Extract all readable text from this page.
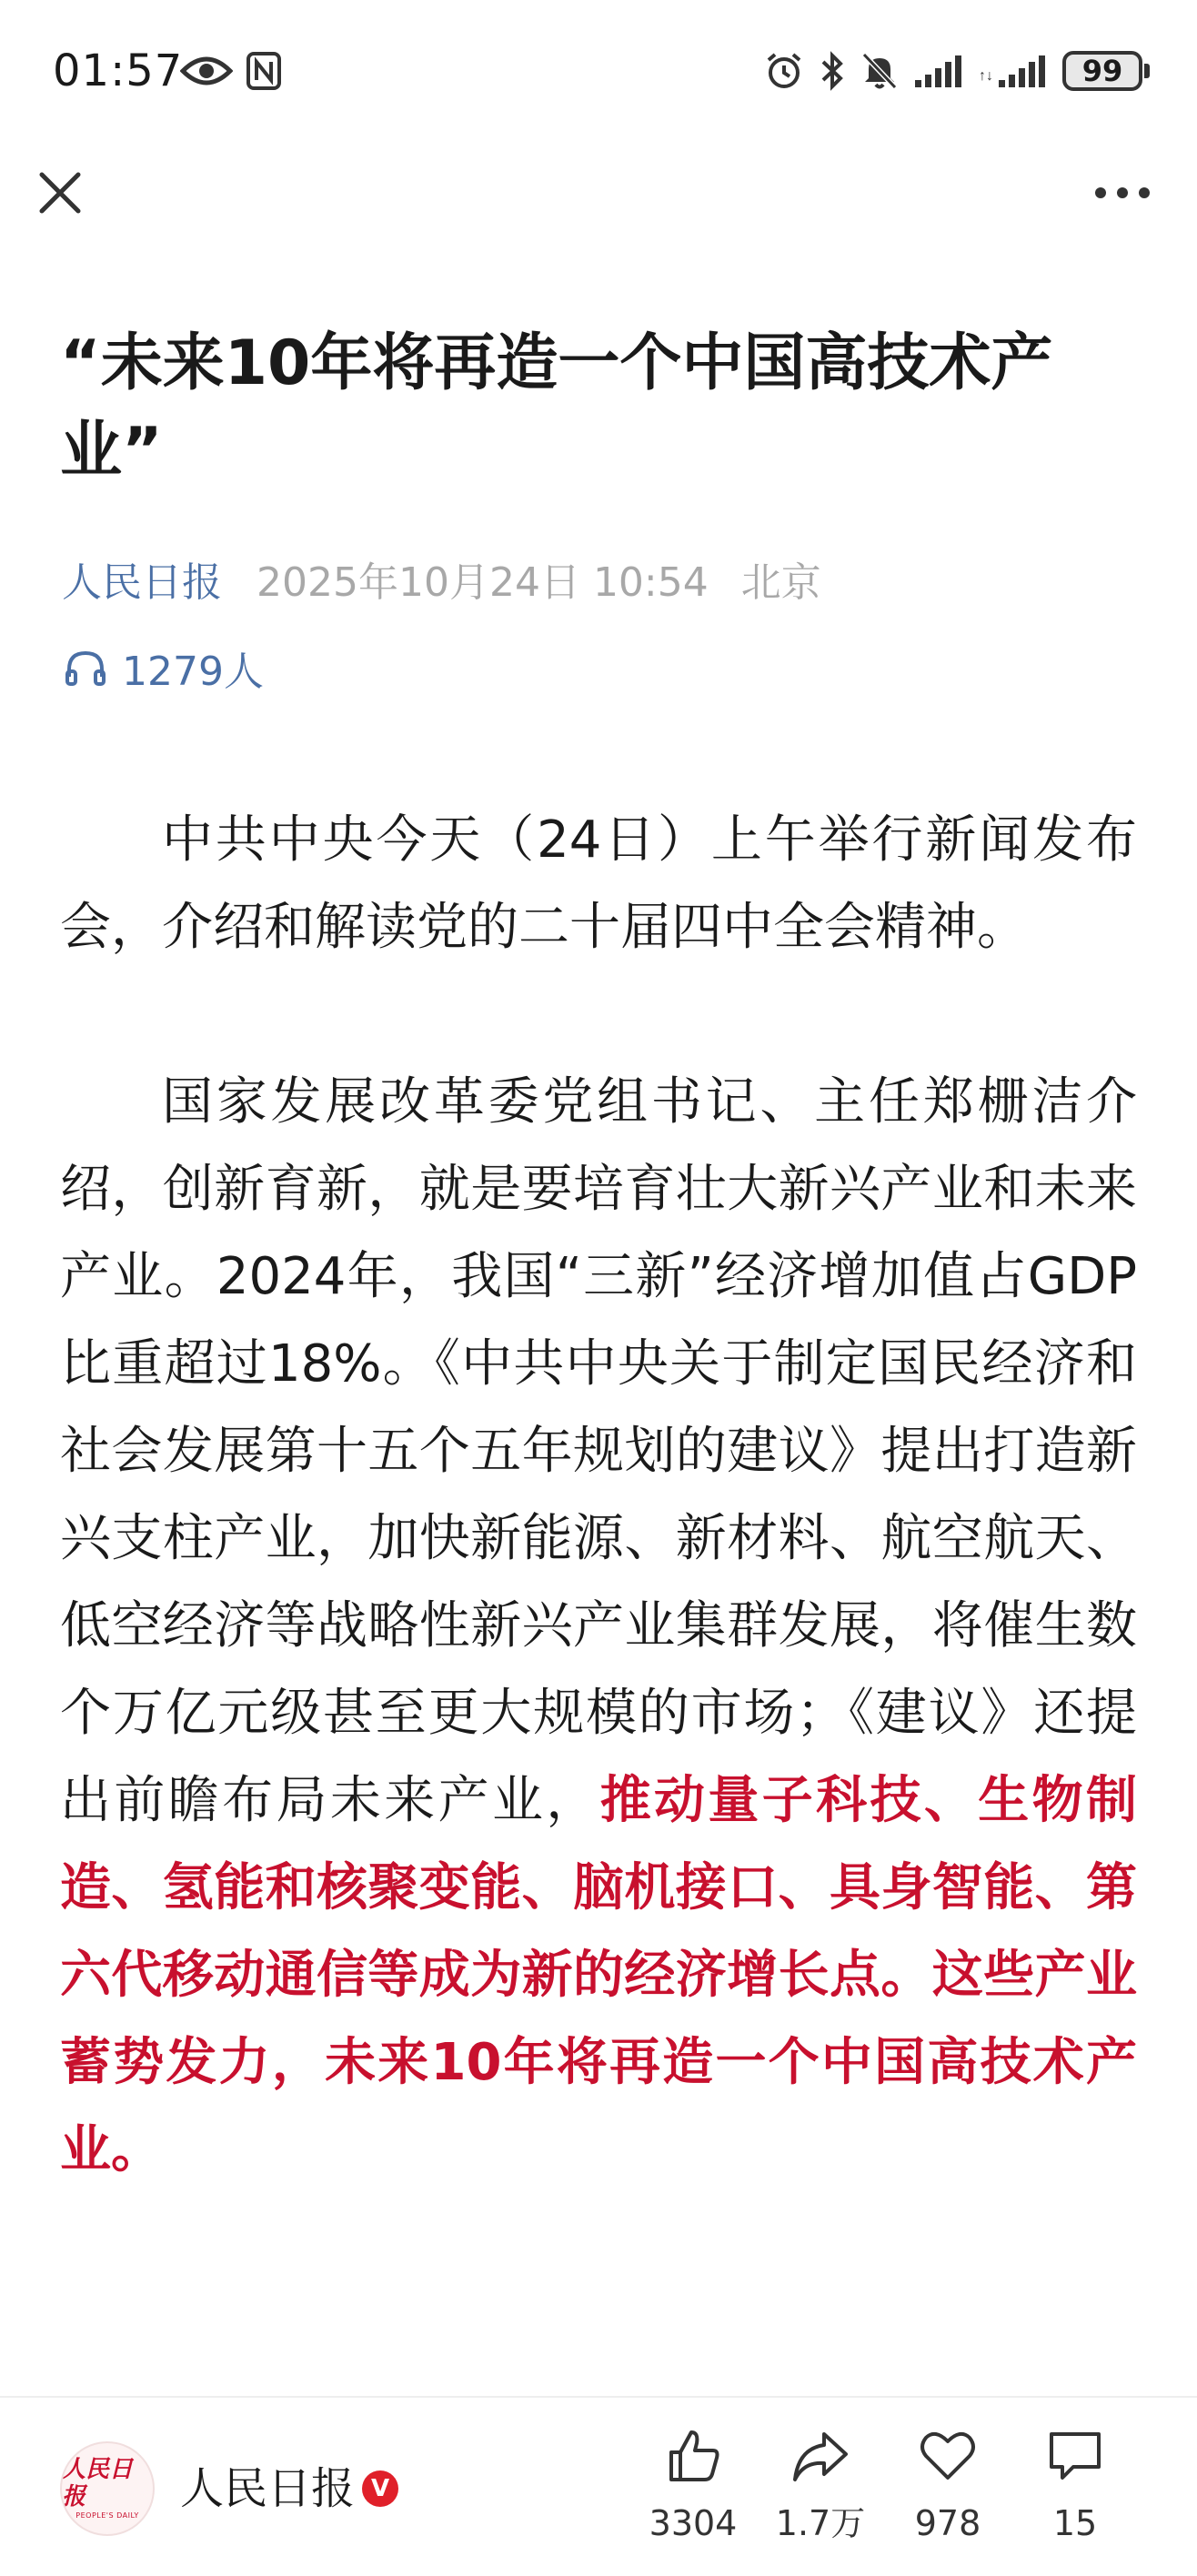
01:57	↑↓	99
“未来10年将再造一个中国高技术产业”
人民日报 2025年10月24日 10:54 北京
1279人

中共中央今天（24日）上午举行新闻发布会，介绍和解读党的二十届四中全会精神。

国家发展改革委党组书记、主任郑栅洁介绍，创新育新，就是要培育壮大新兴产业和未来产业。2024年，我国“三新”经济增加值占GDP比重超过18%。《中共中央关于制定国民经济和社会发展第十五个五年规划的建议》提出打造新兴支柱产业，加快新能源、新材料、航空航天、低空经济等战略性新兴产业集群发展，将催生数个万亿元级甚至更大规模的市场；《建议》还提出前瞻布局未来产业，推动量子科技、生物制造、氢能和核聚变能、脑机接口、具身智能、第六代移动通信等成为新的经济增长点。这些产业蓄势发力，未来10年将再造一个中国高技术产业。

人民日报
PEOPLE'S DAILY
人民日报 V
3304 1.7万 978 15
